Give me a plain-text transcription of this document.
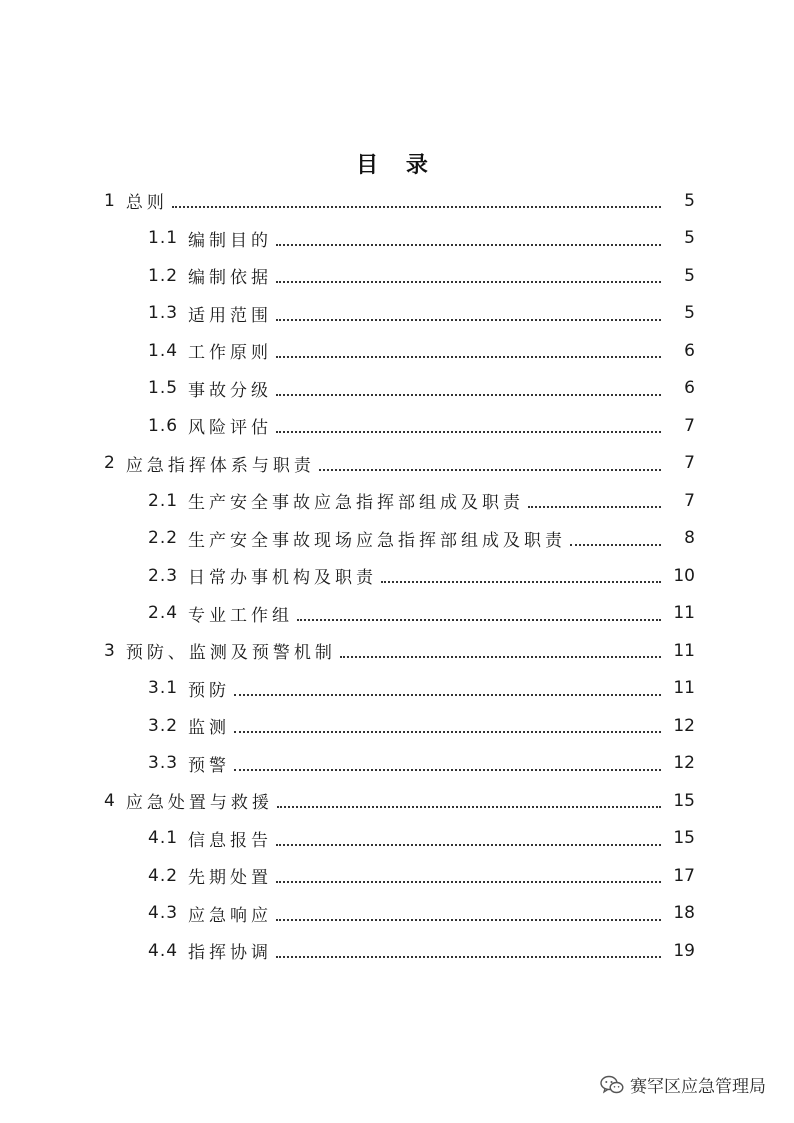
目 录
1 总则	5
1.1 编制目的	5
1.2 编制依据	5
1.3 适用范围	5
1.4 工作原则	6
1.5 事故分级	6
1.6 风险评估	7
2 应急指挥体系与职责	7
2.1 生产安全事故应急指挥部组成及职责	7
2.2 生产安全事故现场应急指挥部组成及职责	8
2.3 日常办事机构及职责	10
2.4 专业工作组	11
3 预防、监测及预警机制	11
3.1 预防	11
3.2 监测	12
3.3 预警	12
4 应急处置与救援	15
4.1 信息报告	15
4.2 先期处置	17
4.3 应急响应	18
4.4 指挥协调	19
赛罕区应急管理局
